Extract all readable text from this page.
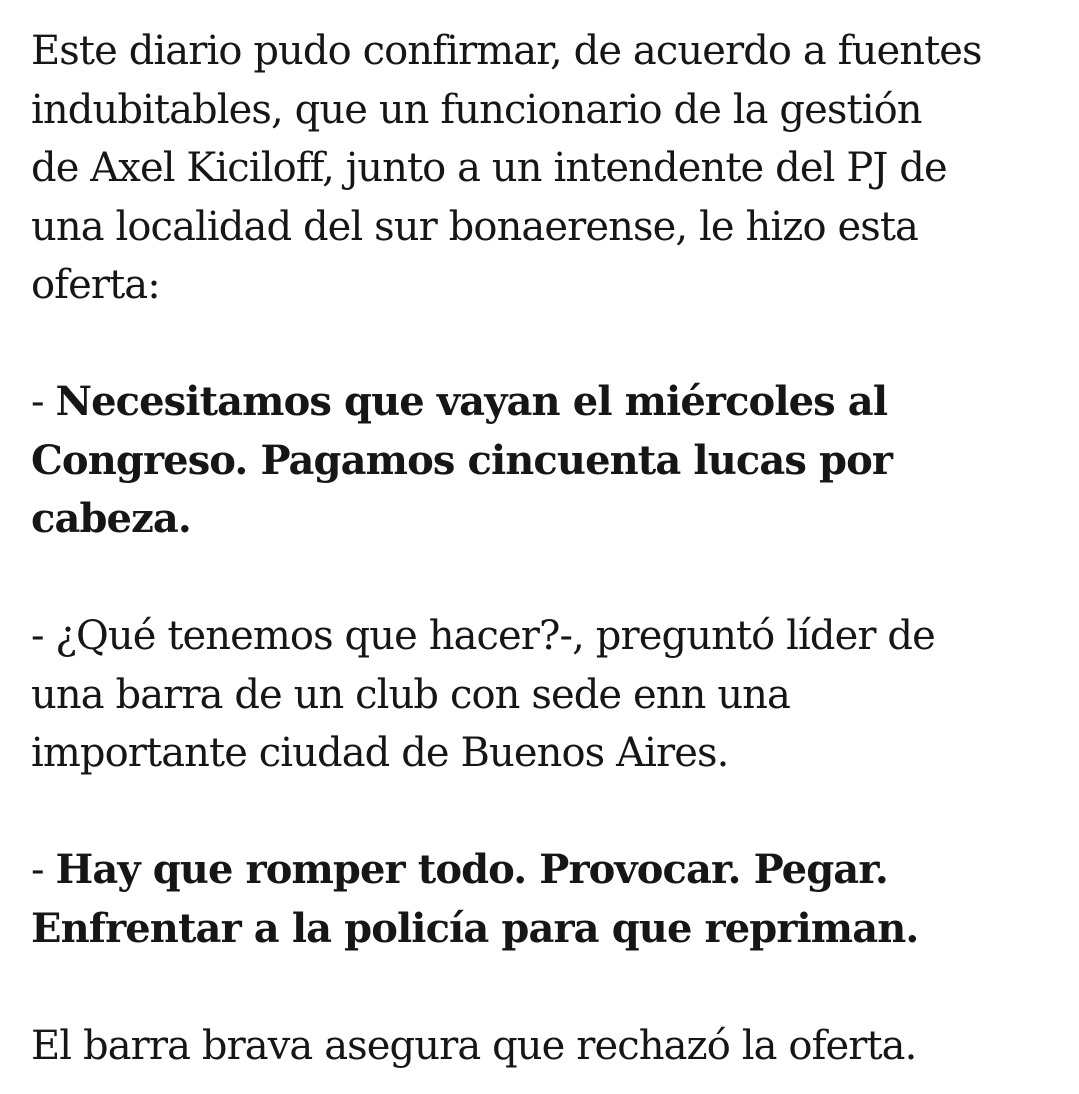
Este diario pudo confirmar, de acuerdo a fuentes
indubitables, que un funcionario de la gestión
de Axel Kiciloff, junto a un intendente del PJ de
una localidad del sur bonaerense, le hizo esta
oferta:

- Necesitamos que vayan el miércoles al
Congreso. Pagamos cincuenta lucas por
cabeza.

- ¿Qué tenemos que hacer?-, preguntó líder de
una barra de un club con sede enn una
importante ciudad de Buenos Aires.

- Hay que romper todo. Provocar. Pegar.
Enfrentar a la policía para que repriman.

El barra brava asegura que rechazó la oferta.
